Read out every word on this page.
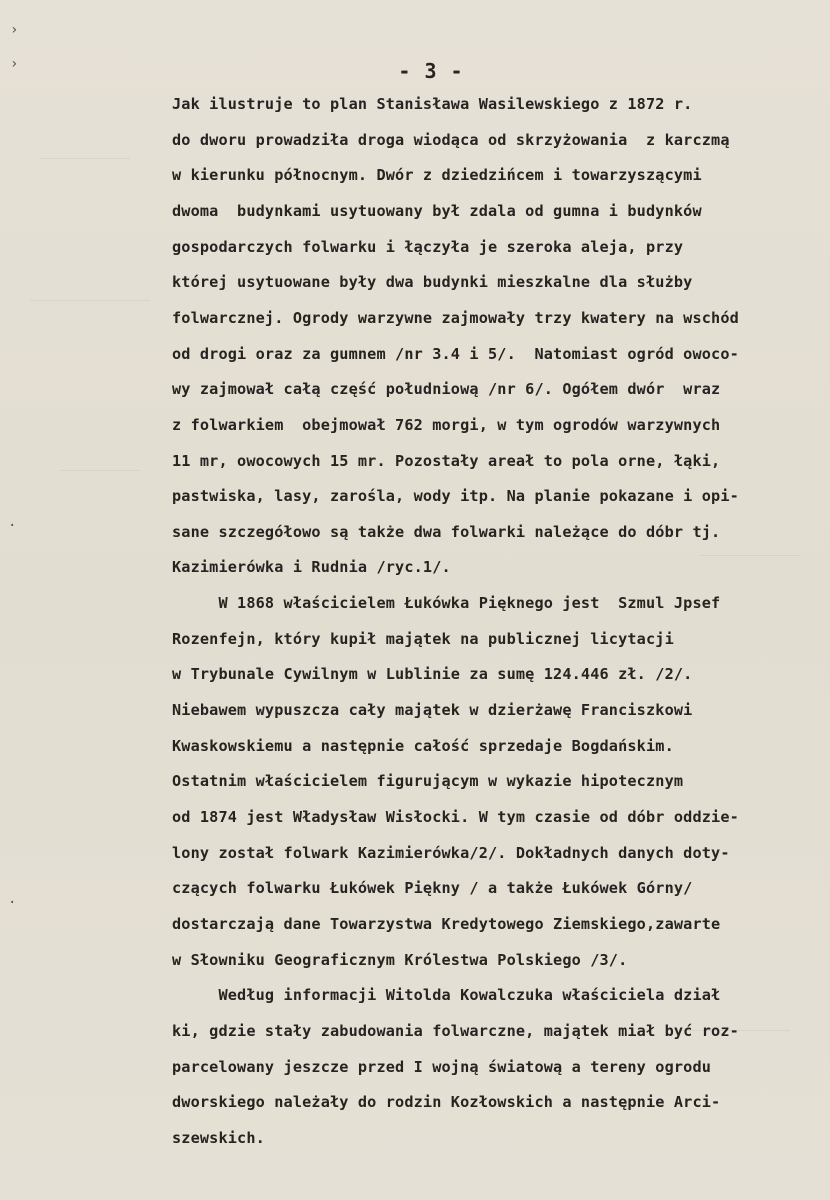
›
›
·
·
- 3 -
Jak ilustruje to plan Stanisława Wasilewskiego z 1872 r.
do dworu prowadziła droga wiodąca od skrzyżowania  z karczmą
w kierunku północnym. Dwór z dziedzińcem i towarzyszącymi
dwoma  budynkami usytuowany był zdala od gumna i budynków
gospodarczych folwarku i łączyła je szeroka aleja, przy
której usytuowane były dwa budynki mieszkalne dla służby
folwarcznej. Ogrody warzywne zajmowały trzy kwatery na wschód
od drogi oraz za gumnem /nr 3.4 i 5/.  Natomiast ogród owoco-
wy zajmował całą część południową /nr 6/. Ogółem dwór  wraz
z folwarkiem  obejmował 762 morgi, w tym ogrodów warzywnych
11 mr, owocowych 15 mr. Pozostały areał to pola orne, łąki,
pastwiska, lasy, zarośla, wody itp. Na planie pokazane i opi-
sane szczegółowo są także dwa folwarki należące do dóbr tj.
Kazimierówka i Rudnia /ryc.1/.
W 1868 właścicielem Łukówka Pięknego jest  Szmul Jpsef
Rozenfejn, który kupił majątek na publicznej licytacji
w Trybunale Cywilnym w Lublinie za sumę 124.446 zł. /2/.
Niebawem wypuszcza cały majątek w dzierżawę Franciszkowi
Kwaskowskiemu a następnie całość sprzedaje Bogdańskim.
Ostatnim właścicielem figurującym w wykazie hipotecznym
od 1874 jest Władysław Wisłocki. W tym czasie od dóbr oddzie-
lony został folwark Kazimierówka/2/. Dokładnych danych doty-
czących folwarku Łukówek Piękny / a także Łukówek Górny/
dostarczają dane Towarzystwa Kredytowego Ziemskiego,zawarte
w Słowniku Geograficznym Królestwa Polskiego /3/.
Według informacji Witolda Kowalczuka właściciela dział
ki, gdzie stały zabudowania folwarczne, majątek miał być roz-
parcelowany jeszcze przed I wojną światową a tereny ogrodu
dworskiego należały do rodzin Kozłowskich a następnie Arci-
szewskich.
